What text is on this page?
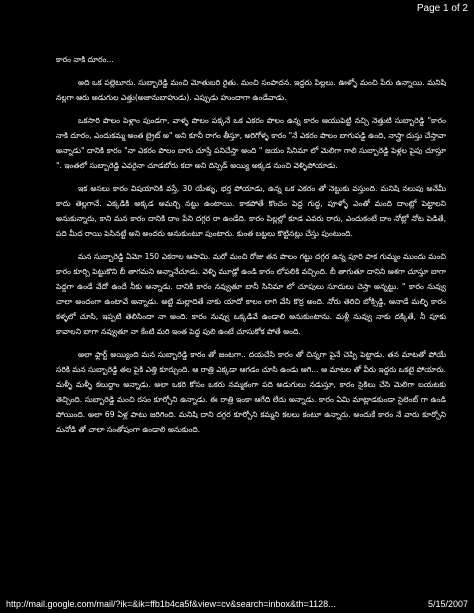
Page 1 of 2

కారం నాకి దూరం...

అది ఒక పల్లెటూరు. సుబ్బారెడ్డి మంచి మోతుబరి రైతు. మంచి సంపాదన. ఇద్దరు పిల్లలు. ఊళ్ళో మంచి పేరు ఉన్నాయి. మనిషి నల్లగా ఆరు అడుగుల ఎత్తు(అజానుబాహుడు). ఎప్పుడు హుందాగా ఉండేవాడు.

ఒకసారి పొలం పెళ్లాం పుండగా, వాళ్ళ పొలం పక్కనే ఒక ఎకరం పొలం ఉన్న కారం ఆయుపెట్టి నచ్చి నెత్తుటి సుబ్బారెడ్డి "కారం నాకి దూరం, ఎందుకమ్మ అంత బ్రైట్ అ" అని కూనీ రాగం తీస్తూ, అరిగోళ్ళ కారం "నే ఎకరం పొలం బాగుపడ్డి ఉంది, నాస్త్రా దుస్తు చేస్తావా అన్నాడు" దానికి కారం "నా ఎకరం పొలం బాగు చూస్తే పనిచేస్తా అంది " జయం సినిమా లో మెలిగా గాలి సుబ్బారెడ్డి పెళ్లల పైపు చూస్తూ ". ఇంతలో సుబ్బారెడ్డి ఎవరైనా చూడబోరు కదా అని దిస్సెడ్ అయ్యి అక్కడ నుంచి వెళ్ళిపోయాడు.

ఇక అసలు కారం విషయానికి వస్తే, 30 యేళ్ళు, భర్త పోయాడు, ఉన్న ఒక ఎకరం తో నెట్టుకు వస్తుంది. మనిషి నలుపు అనేమీ కాదు తెల్లగానే. ఎక్కడికి అక్కడ అమర్చి నట్టు ఉంటాయి. కాకపోతే కొంచం పెద్ద గుద్ద, పూళ్ళో ఎంతో మంది దాంట్లో పెట్టాలని అనుకున్నారు, కాని మన కారం దానికి దాం పేని దగ్గర రా ఉండేది. కారం పిల్లల్లో కూడ ఎవరు రారు, ఎందుకంటే దాం నోట్లో నోట పెడితే, పది మీద రాయి పెసినట్టే అని అందరు అనుకుంటూ పుంటారు. కుంత బట్టలు కొట్టినట్లు చేస్తు పుంటుంది.

మన సుబ్బారెడ్డి ఏమో 150 ఎకరాల ఆసామి. మరో మంచి రోజు తన పొలం గట్టు దగ్గర ఉన్న పూరి పాక గుమ్మం ముందు మంచి కారం కూర్చి పెట్టుకొని బీ తాగమని అన్నానేచూడు. వెళ్ళి మూడ్లో ఉండి కారం లోపలికి వచ్చింది. బీ తాగుతూ దానిని ఆశగా చూస్తూ బాగా పెద్దగా ఉండే వేదో ఉందే నీకు అన్నాడు. దానికి కారం నవ్వుతూ బానీ సినిమా లో చూపులు సూదులు చెస్తా అన్నట్టు. " కారం నువ్వు చాలా అందంగా ఉంటావే అన్నాడు. అట్టి మల్లాదితే నాకు యాదో కాలం లాగి వేసి కొర్ర అంది. నోరు తెరిచి బోక్సిడ్డి, ఆనాడే మల్ళి కారం కళ్ళలో చూసి, ఇప్పటి తెలిసిందా నా అంది. కారం నువ్వు ఒక్కడివే ఉండాలి అనుకుంటాను. మళ్లీ నువ్వు నాకు దక్కితే, నీ పూకు కావాలని బాగా నవ్వుతూ నా కేంటి మరి ఇంత పెద్ద పులి ఉంటే చూసుకోక పోతే అంది.

అలా ఫ్లార్ట్ అయ్యింది మన సుబ్బారెడ్డి కారం తో జంటగా.. దయచేసి కారం తో చిన్నగా పైనే చెప్పి పెట్టాడు. తన మాటతో పోయే సరికి మన సుబ్బారెడ్డి తల పైకి ఎత్తి కూర్చుంది. ఆ రాత్రి ఎక్కడా ఆగడం చూసి ఉండు ఆగి... ఆ మాటల తో వీరు ఇద్దరు ఒకటై పోయారు. మళ్ళీ మళ్ళీ కలుద్దాం అన్నాడు. అలా ఒకరి కోసం ఒకరు నమ్మకంగా పది అడుగులు నడుస్తూ, కారం సైకిలు చేసి మెలిగా బయటకు తెచ్చింది. సుబ్బారెడ్డి మంచి రసం కూర్చోని ఉన్నాడు. ఈ రాత్రి ఇంకా ఆగేది లేదు అన్నాడు. కారం ఏమి మాట్లాడకుండా సైలెంట్ గా ఉండి పోయింది. అలా 69 ఏళ్ల పాటు జరిగింది. మనిషి దాని దగ్గర కూర్చోని కమ్మని కలలు కంటూ ఉన్నారు. అందుకే కారం నే వారు కూర్చోని మనోడి తో చాలా సంతోషంగా ఉండాలి అనుకుంది.

http://mail.google.com/mail/?ik=&ik=ffb1b4ca5f&view=cv&search=inbox&th=1128...	5/15/2007
